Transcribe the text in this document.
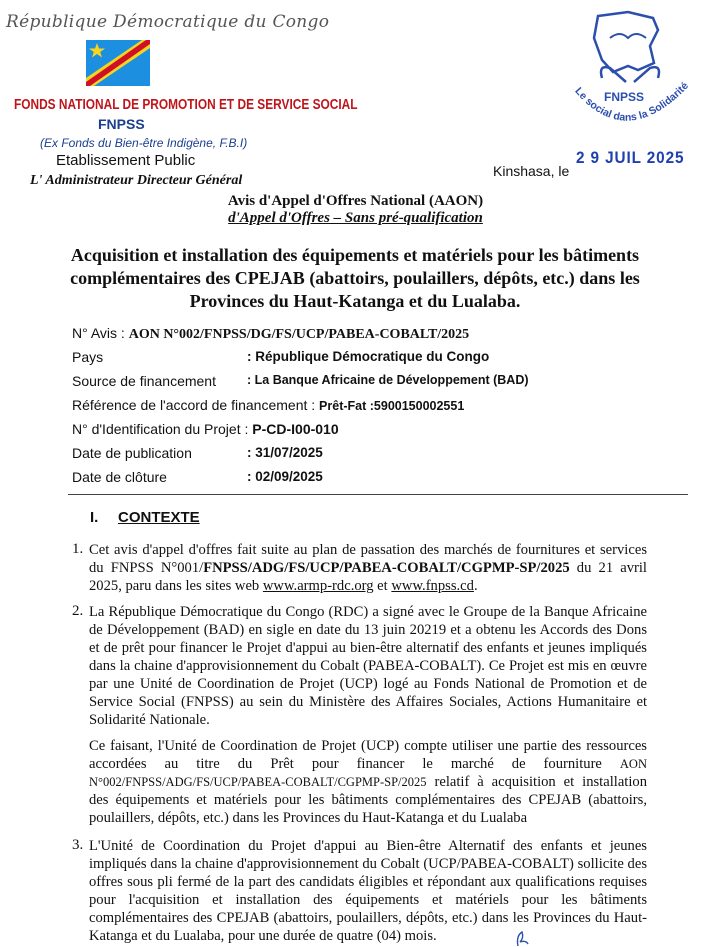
République Démocratique du Congo
FONDS NATIONAL DE PROMOTION ET DE SERVICE SOCIAL
FNPSS
(Ex Fonds du Bien-être Indigène, F.B.I)
Etablissement Public
L' Administrateur Directeur Général
FNPSS
Le social dans la Solidarité
Kinshasa, le
2 9 JUIL 2025
Avis d'Appel d'Offres National (AAON)
d'Appel d'Offres – Sans pré-qualification
Acquisition et installation des équipements et matériels pour les bâtiments complémentaires des CPEJAB (abattoirs, poulaillers, dépôts, etc.) dans les Provinces du Haut-Katanga et du Lualaba.
N° Avis : AON N°002/FNPSS/DG/FS/UCP/PABEA-COBALT/2025
Pays	: République Démocratique du Congo
Source de financement : La Banque Africaine de Développement (BAD)
Référence de l'accord de financement : Prêt-Fat :5900150002551
N° d'Identification du Projet : P-CD-I00-010
Date de publication	: 31/07/2025
Date de clôture	: 02/09/2025
I. CONTEXTE
1. Cet avis d'appel d'offres fait suite au plan de passation des marchés de fournitures et services du FNPSS N°001/FNPSS/ADG/FS/UCP/PABEA-COBALT/CGPMP-SP/2025 du 21 avril 2025, paru dans les sites web www.armp-rdc.org et www.fnpss.cd.
2. La République Démocratique du Congo (RDC) a signé avec le Groupe de la Banque Africaine de Développement (BAD) en sigle en date du 13 juin 20219 et a obtenu les Accords des Dons et de prêt pour financer le Projet d'appui au bien-être alternatif des enfants et jeunes impliqués dans la chaine d'approvisionnement du Cobalt (PABEA-COBALT). Ce Projet est mis en œuvre par une Unité de Coordination de Projet (UCP) logé au Fonds National de Promotion et de Service Social (FNPSS) au sein du Ministère des Affaires Sociales, Actions Humanitaire et Solidarité Nationale.
Ce faisant, l'Unité de Coordination de Projet (UCP) compte utiliser une partie des ressources accordées au titre du Prêt pour financer le marché de fourniture AON N°002/FNPSS/ADG/FS/UCP/PABEA-COBALT/CGPMP-SP/2025 relatif à acquisition et installation des équipements et matériels pour les bâtiments complémentaires des CPEJAB (abattoirs, poulaillers, dépôts, etc.) dans les Provinces du Haut-Katanga et du Lualaba
3. L'Unité de Coordination du Projet d'appui au Bien-être Alternatif des enfants et jeunes impliqués dans la chaine d'approvisionnement du Cobalt (UCP/PABEA-COBALT) sollicite des offres sous pli fermé de la part des candidats éligibles et répondant aux qualifications requises pour l'acquisition et installation des équipements et matériels pour les bâtiments complémentaires des CPEJAB (abattoirs, poulaillers, dépôts, etc.) dans les Provinces du Haut-Katanga et du Lualaba, pour une durée de quatre (04) mois.
